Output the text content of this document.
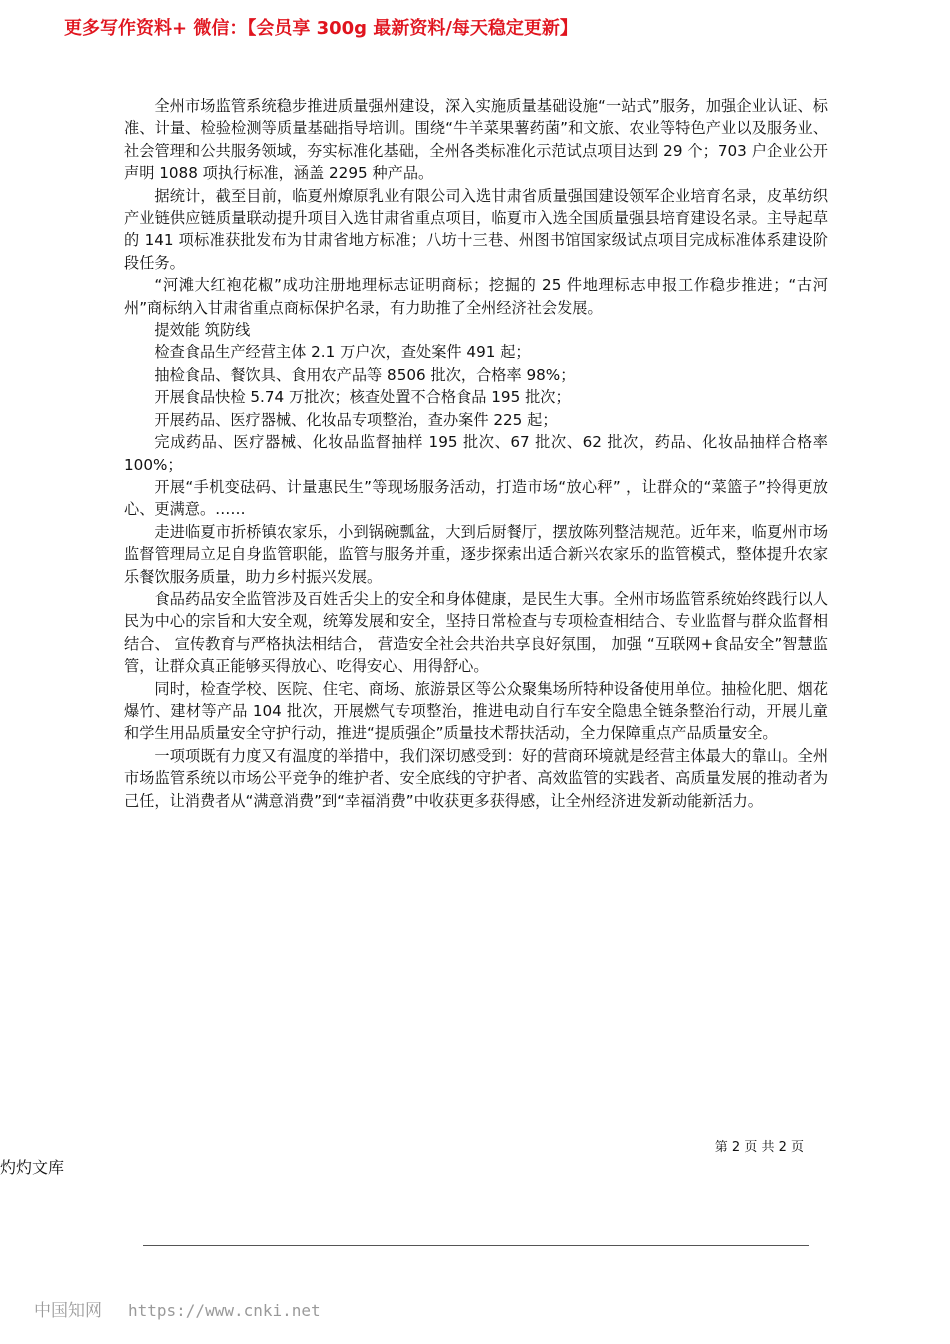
更多写作资料+ 微信：【会员享 300g 最新资料/每天稳定更新】

全州市场监管系统稳步推进质量强州建设，深入实施质量基础设施“一站式”服务，加强企业认证、标准、计量、检验检测等质量基础指导培训。围绕“牛羊菜果薯药菌”和文旅、农业等特色产业以及服务业、社会管理和公共服务领域，夯实标准化基础，全州各类标准化示范试点项目达到 29 个；703 户企业公开声明 1088 项执行标准，涵盖 2295 种产品。

据统计，截至目前，临夏州燎原乳业有限公司入选甘肃省质量强国建设领军企业培育名录，皮革纺织产业链供应链质量联动提升项目入选甘肃省重点项目，临夏市入选全国质量强县培育建设名录。主导起草的 141 项标准获批发布为甘肃省地方标准；八坊十三巷、州图书馆国家级试点项目完成标准体系建设阶段任务。

“河滩大红袍花椒”成功注册地理标志证明商标；挖掘的 25 件地理标志申报工作稳步推进；“古河州”商标纳入甘肃省重点商标保护名录，有力助推了全州经济社会发展。

提效能 筑防线

检查食品生产经营主体 2.1 万户次，查处案件 491 起；

抽检食品、餐饮具、食用农产品等 8506 批次，合格率 98%；

开展食品快检 5.74 万批次；核查处置不合格食品 195 批次；

开展药品、医疗器械、化妆品专项整治，查办案件 225 起；

完成药品、医疗器械、化妆品监督抽样 195 批次、67 批次、62 批次，药品、化妆品抽样合格率 100%；

开展“手机变砝码、计量惠民生”等现场服务活动，打造市场“放心秤” ，让群众的“菜篮子”拎得更放心、更满意。……

走进临夏市折桥镇农家乐，小到锅碗瓢盆，大到后厨餐厅，摆放陈列整洁规范。近年来，临夏州市场监督管理局立足自身监管职能，监管与服务并重，逐步探索出适合新兴农家乐的监管模式，整体提升农家乐餐饮服务质量，助力乡村振兴发展。

食品药品安全监管涉及百姓舌尖上的安全和身体健康，是民生大事。全州市场监管系统始终践行以人民为中心的宗旨和大安全观，统筹发展和安全，坚持日常检查与专项检查相结合、专业监督与群众监督相结合、 宣传教育与严格执法相结合， 营造安全社会共治共享良好氛围， 加强 “互联网+食品安全”智慧监管，让群众真正能够买得放心、吃得安心、用得舒心。

同时，检查学校、医院、住宅、商场、旅游景区等公众聚集场所特种设备使用单位。抽检化肥、烟花爆竹、建材等产品 104 批次，开展燃气专项整治，推进电动自行车安全隐患全链条整治行动，开展儿童和学生用品质量安全守护行动，推进“提质强企”质量技术帮扶活动，全力保障重点产品质量安全。

一项项既有力度又有温度的举措中，我们深切感受到：好的营商环境就是经营主体最大的靠山。全州市场监管系统以市场公平竞争的维护者、安全底线的守护者、高效监管的实践者、高质量发展的推动者为己任，让消费者从“满意消费”到“幸福消费”中收获更多获得感，让全州经济进发新动能新活力。

第 2 页 共 2 页
灼灼文库
中国知网 https://www.cnki.net
